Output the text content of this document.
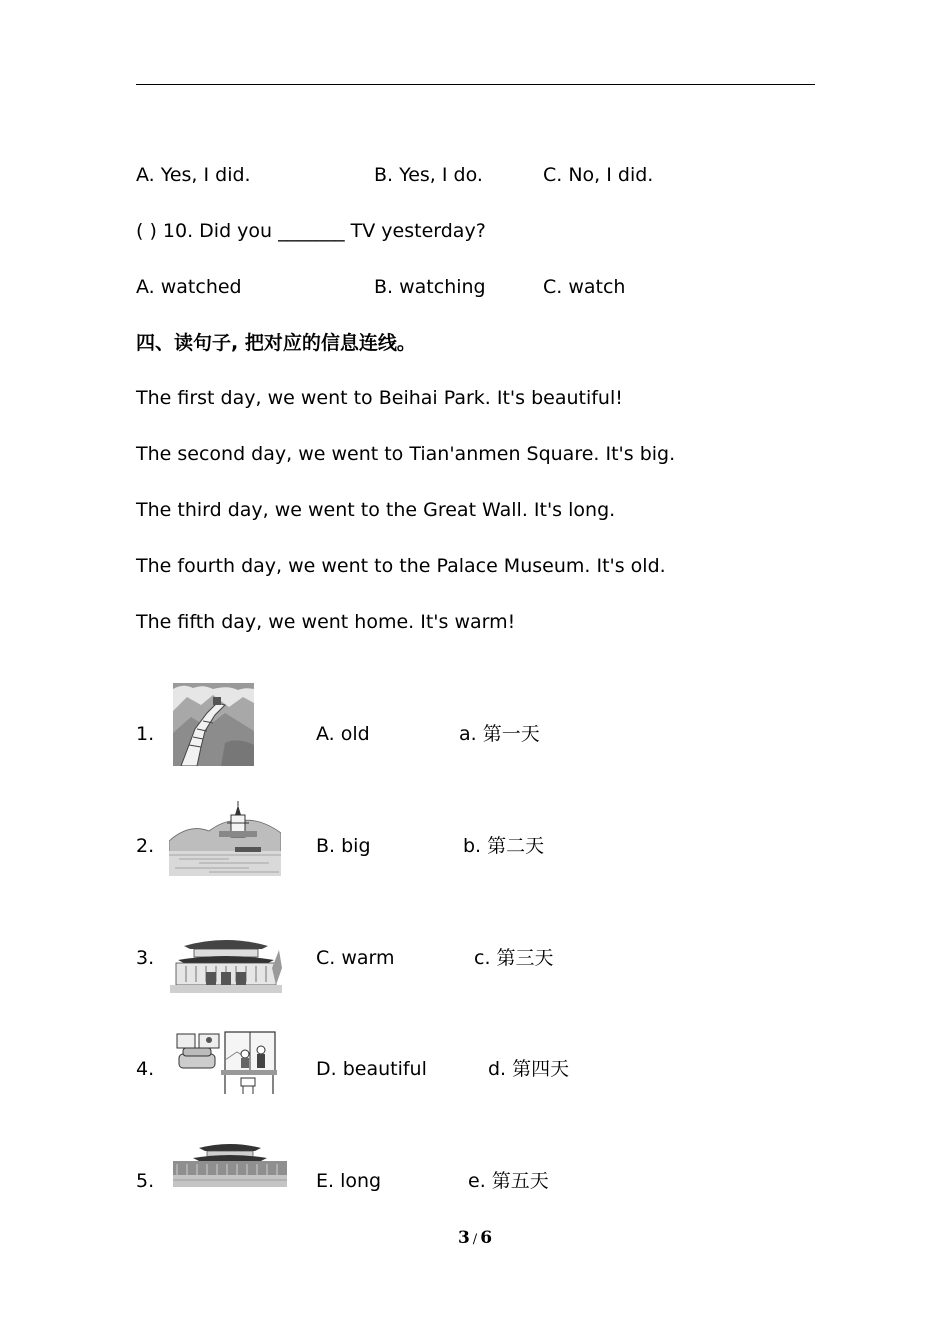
A. Yes, I did.	B. Yes, I do.	C. No, I did.
( ) 10. Did you _______ TV yesterday?
A. watched	B. watching	C. watch
四、读句子, 把对应的信息连线。
The first day, we went to Beihai Park. It's beautiful!
The second day, we went to Tian'anmen Square. It's big.
The third day, we went to the Great Wall. It's long.
The fourth day, we went to the Palace Museum. It's old.
The fifth day, we went home. It's warm!
1.	A. old	a. 第一天
2.	B. big	b. 第二天
3.	C. warm	c. 第三天
4.	D. beautiful	d. 第四天
5.	E. long	e. 第五天
3 / 6
